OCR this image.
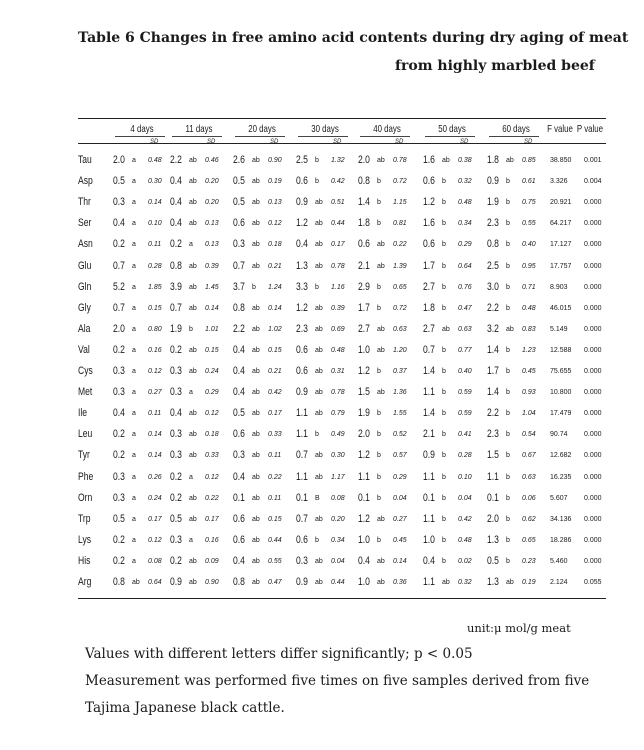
Table 6 Changes in free amino acid contents during dry aging of meat
from highly marbled beef
4 days
SD
11 days
SD
20 days
SD
30 days
SD
40 days
SD
50 days
SD
60 days
SD
F value P value
Tau 2.0 a 0.48 2.2 ab 0.46 2.6 ab 0.90 2.5 b 1.32 2.0 ab 0.78 1.6 ab 0.38 1.8 ab 0.85 38.850 0.001
Asp 0.5 a 0.30 0.4 ab 0.20 0.5 ab 0.19 0.6 b 0.42 0.8 b 0.72 0.6 b 0.32 0.9 b 0.61 3.326 0.004
Thr 0.3 a 0.14 0.4 ab 0.20 0.5 ab 0.13 0.9 ab 0.51 1.4 b 1.15 1.2 b 0.48 1.9 b 0.75 20.921 0.000
Ser 0.4 a 0.10 0.4 ab 0.13 0.6 ab 0.12 1.2 ab 0.44 1.8 b 0.81 1.6 b 0.34 2.3 b 0.55 64.217 0.000
Asn 0.2 a 0.11 0.2 a 0.13 0.3 ab 0.18 0.4 ab 0.17 0.6 ab 0.22 0.6 b 0.29 0.8 b 0.40 17.127 0.000
Glu 0.7 a 0.28 0.8 ab 0.39 0.7 ab 0.21 1.3 ab 0.78 2.1 ab 1.39 1.7 b 0.64 2.5 b 0.95 17.757 0.000
Gln 5.2 a 1.85 3.9 ab 1.45 3.7 b 1.24 3.3 b 1.16 2.9 b 0.65 2.7 b 0.76 3.0 b 0.71 8.903 0.000
Gly 0.7 a 0.15 0.7 ab 0.14 0.8 ab 0.14 1.2 ab 0.39 1.7 b 0.72 1.8 b 0.47 2.2 b 0.48 46.015 0.000
Ala 2.0 a 0.80 1.9 b 1.01 2.2 ab 1.02 2.3 ab 0.69 2.7 ab 0.63 2.7 ab 0.63 3.2 ab 0.83 5.149 0.000
Val 0.2 a 0.16 0.2 ab 0.15 0.4 ab 0.15 0.6 ab 0.48 1.0 ab 1.20 0.7 b 0.77 1.4 b 1.23 12.588 0.000
Cys 0.3 a 0.12 0.3 ab 0.24 0.4 ab 0.21 0.6 ab 0.31 1.2 b 0.37 1.4 b 0.40 1.7 b 0.45 75.655 0.000
Met 0.3 a 0.27 0.3 a 0.29 0.4 ab 0.42 0.9 ab 0.78 1.5 ab 1.36 1.1 b 0.59 1.4 b 0.93 10.800 0.000
Ile 0.4 a 0.11 0.4 ab 0.12 0.5 ab 0.17 1.1 ab 0.79 1.9 b 1.55 1.4 b 0.59 2.2 b 1.04 17.479 0.000
Leu 0.2 a 0.14 0.3 ab 0.18 0.6 ab 0.33 1.1 b 0.49 2.0 b 0.52 2.1 b 0.41 2.3 b 0.54 90.74 0.000
Tyr 0.2 a 0.14 0.3 ab 0.33 0.3 ab 0.11 0.7 ab 0.30 1.2 b 0.57 0.9 b 0.28 1.5 b 0.67 12.682 0.000
Phe 0.3 a 0.26 0.2 a 0.12 0.4 ab 0.22 1.1 ab 1.17 1.1 b 0.29 1.1 b 0.10 1.1 b 0.63 16.235 0.000
Orn 0.3 a 0.24 0.2 ab 0.22 0.1 ab 0.11 0.1 B 0.08 0.1 b 0.04 0.1 b 0.04 0.1 b 0.06 5.607 0.000
Trp 0.5 a 0.17 0.5 ab 0.17 0.6 ab 0.15 0.7 ab 0.20 1.2 ab 0.27 1.1 b 0.42 2.0 b 0.62 34.136 0.000
Lys 0.2 a 0.12 0.3 a 0.16 0.6 ab 0.44 0.6 b 0.34 1.0 b 0.45 1.0 b 0.48 1.3 b 0.65 18.286 0.000
His 0.2 a 0.08 0.2 ab 0.09 0.4 ab 0.55 0.3 ab 0.04 0.4 ab 0.14 0.4 b 0.02 0.5 b 0.23 5.460 0.000
Arg 0.8 ab 0.64 0.9 ab 0.90 0.8 ab 0.47 0.9 ab 0.44 1.0 ab 0.36 1.1 ab 0.32 1.3 ab 0.19 2.124 0.055
unit:μ mol/g meat
Values with different letters differ significantly; p < 0.05
Measurement was performed five times on five samples derived from five
Tajima Japanese black cattle.
